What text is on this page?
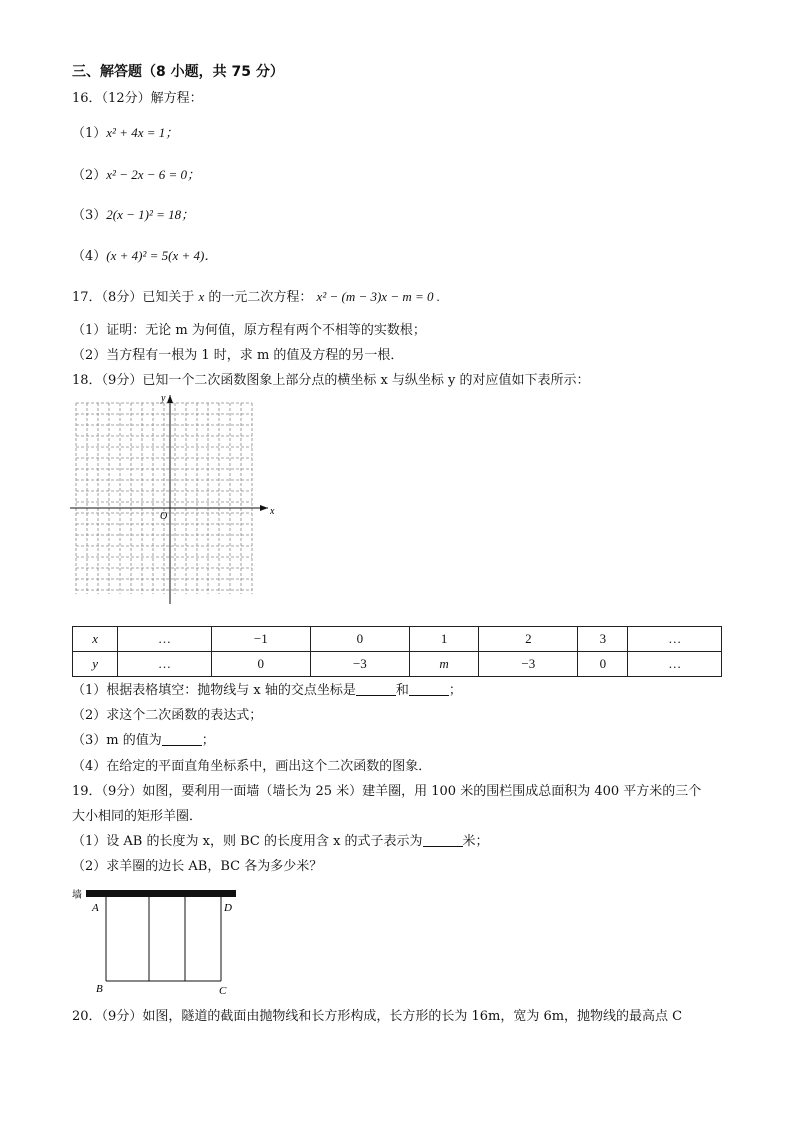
三、解答题（8 小题，共 75 分）
16．（12分）解方程：
（1）x² + 4x = 1；
（2）x² − 2x − 6 = 0；
（3）2(x − 1)² = 18；
（4）(x + 4)² = 5(x + 4)．
17．（8分）已知关于 x 的一元二次方程： x² − (m − 3)x − m = 0 .
（1）证明：无论 m 为何值，原方程有两个不相等的实数根；
（2）当方程有一根为 1 时，求 m 的值及方程的另一根．
18．（9分）已知一个二次函数图象上部分点的横坐标 x 与纵坐标 y 的对应值如下表所示：
x
y
O
x	…	−1	0	1	2	3	…
y	…	0	−3	m	−3	0	…
（1）根据表格填空：抛物线与 x 轴的交点坐标是	和	；
（2）求这个二次函数的表达式；
（3）m 的值为	；
（4）在给定的平面直角坐标系中，画出这个二次函数的图象．
19．（9分）如图，要利用一面墙（墙长为 25 米）建羊圈，用 100 米的围栏围成总面积为 400 平方米的三个
大小相同的矩形羊圈．
（1）设 AB 的长度为 x，则 BC 的长度用含 x 的式子表示为	米；
（2）求羊圈的边长 AB，BC 各为多少米？
墙
A	D
B	C
20．（9分）如图，隧道的截面由抛物线和长方形构成，长方形的长为 16m，宽为 6m，抛物线的最高点 C
